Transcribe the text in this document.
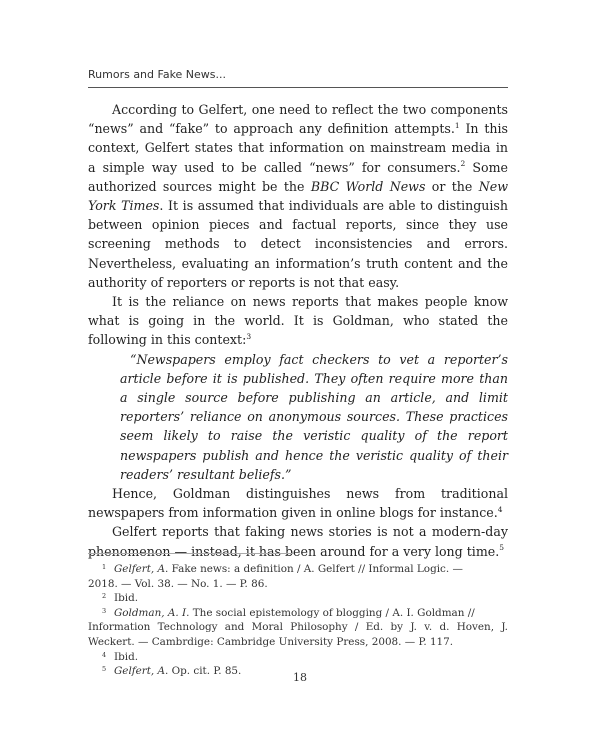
Rumors and Fake News...

According to Gelfert, one need to reflect the two components “news” and “fake” to approach any definition attempts.$^1$ In this context, Gelfert states that information on mainstream media in a simple way used to be called “news” for consumers.$^2$ Some authorized sources might be the BBC World News or the New York Times. It is assumed that individuals are able to distinguish between opinion pieces and factual reports, since they use screening methods to detect inconsistencies and errors. Nevertheless, evaluating an information’s truth content and the authority of reporters or reports is not that easy.

It is the reliance on news reports that makes people know what is going in the world. It is Goldman, who stated the following in this context:$^3$

“Newspapers employ fact checkers to vet a reporter’s article before it is published. They often require more than a single source before publishing an article, and limit reporters’ reliance on anonymous sources. These practices seem likely to raise the veristic quality of the report newspapers publish and hence the veristic quality of their readers’ resultant beliefs.”

Hence, Goldman distinguishes news from traditional newspapers from information given in online blogs for instance.$^4$

Gelfert reports that faking news stories is not a modern-day phenomenon — instead, it has been around for a very long time.$^5$

1 Gelfert, A. Fake news: a definition / A. Gelfert // Informal Logic. —
2018. — Vol. 38. — No. 1. — P. 86.

2 Ibid.

3 Goldman, A. I. The social epistemology of blogging / A. I. Goldman //
Information Technology and Moral Philosophy / Ed. by J. v. d. Hoven, J. Weckert. — Cambrdige: Cambridge University Press, 2008. — P. 117.

4 Ibid.

5 Gelfert, A. Op. cit. P. 85.	18
